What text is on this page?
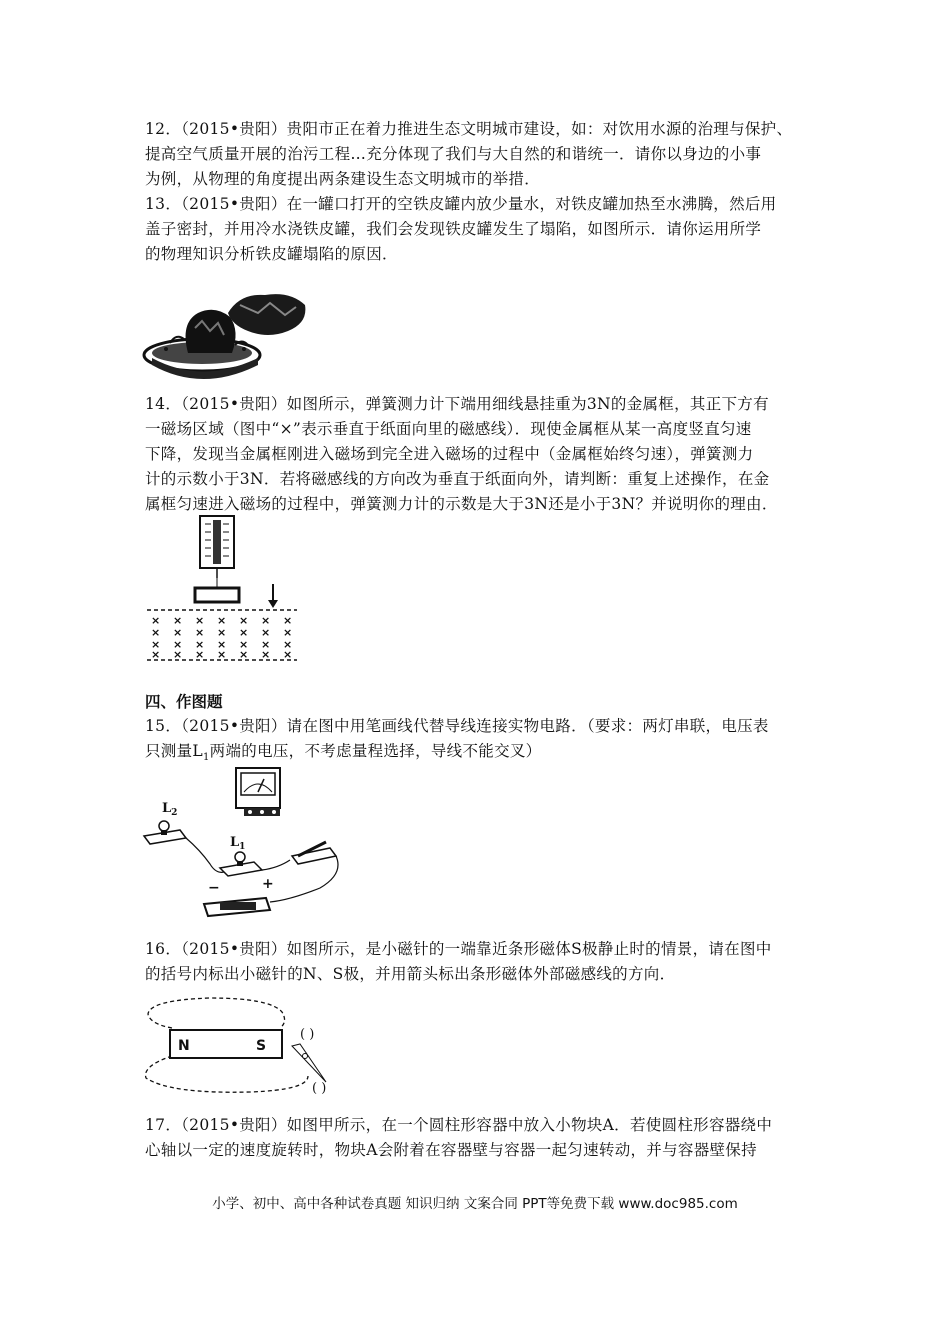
12．（2015•贵阳）贵阳市正在着力推进生态文明城市建设，如：对饮用水源的治理与保护、

提高空气质量开展的治污工程…充分体现了我们与大自然的和谐统一．请你以身边的小事

为例，从物理的角度提出两条建设生态文明城市的举措．

13．（2015•贵阳）在一罐口打开的空铁皮罐内放少量水，对铁皮罐加热至水沸腾，然后用

盖子密封，并用冷水浇铁皮罐，我们会发现铁皮罐发生了塌陷，如图所示．请你运用所学

的物理知识分析铁皮罐塌陷的原因．

14．（2015•贵阳）如图所示，弹簧测力计下端用细线悬挂重为3N的金属框，其正下方有

一磁场区域（图中“×”表示垂直于纸面向里的磁感线）．现使金属框从某一高度竖直匀速

下降，发现当金属框刚进入磁场到完全进入磁场的过程中（金属框始终匀速），弹簧测力

计的示数小于3N．若将磁感线的方向改为垂直于纸面向外，请判断：重复上述操作，在金

属框匀速进入磁场的过程中，弹簧测力计的示数是大于3N还是小于3N？并说明你的理由．

× × × × × × ×
× × × × × × ×
× × × × × × ×
× × × × × × ×
四、作图题

15．（2015•贵阳）请在图中用笔画线代替导线连接实物电路．（要求：两灯串联，电压表

只测量$L_1$两端的电压，不考虑量程选择，导线不能交叉）

$L_2$
$L_1$
−	+

16．（2015•贵阳）如图所示，是小磁针的一端靠近条形磁体S极静止时的情景，请在图中

的括号内标出小磁针的N、S极，并用箭头标出条形磁体外部磁感线的方向．

N	S
( )
( )

17．（2015•贵阳）如图甲所示，在一个圆柱形容器中放入小物块A．若使圆柱形容器绕中

心轴以一定的速度旋转时，物块A会附着在容器壁与容器一起匀速转动，并与容器壁保持

小学、初中、高中各种试卷真题 知识归纳 文案合同 PPT等免费下载 www.doc985.com
